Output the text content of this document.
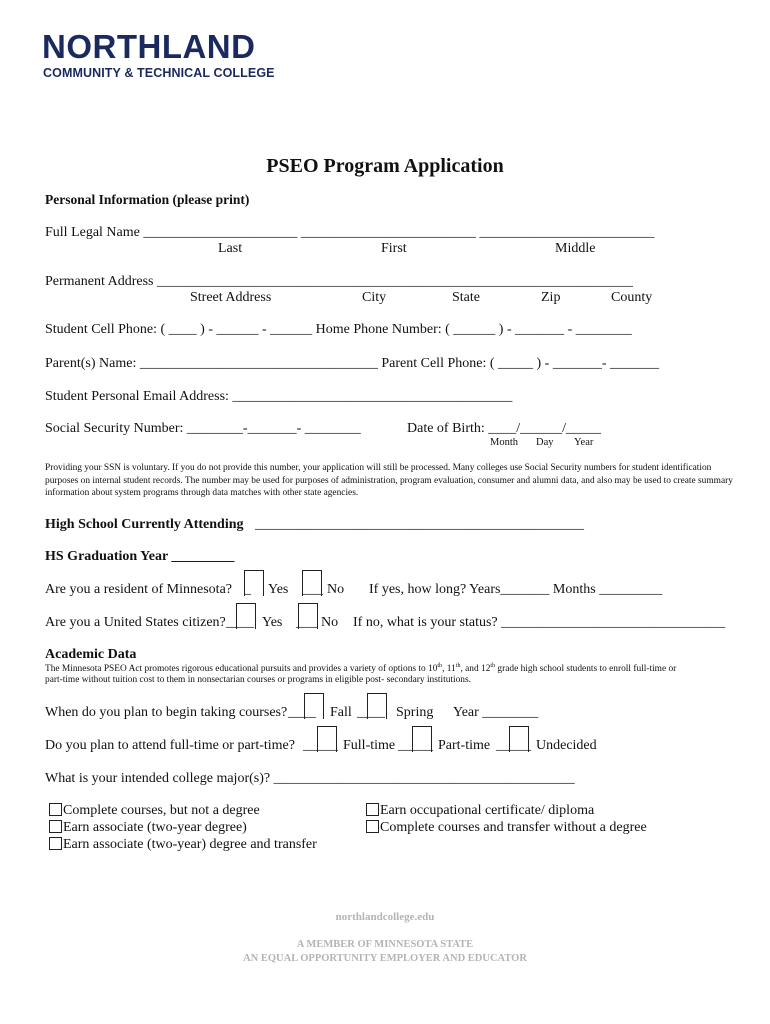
NORTHLAND
COMMUNITY & TECHNICAL COLLEGE
PSEO Program Application
Personal Information (please print)
Full Legal Name ______________________ _________________________ _________________________
Last	First	Middle
Permanent Address ____________________________________________________________________
Street Address	City	State	Zip	County
Student Cell Phone: ( ____ ) - ______ - ______ Home Phone Number: ( ______ ) - _______ - ________
Parent(s) Name: __________________________________ Parent Cell Phone: ( _____ ) - _______- _______
Student Personal Email Address: ________________________________________
Social Security Number: ________-_______- ________	Date of Birth: ____/______/_____
Month Day Year
Providing your SSN is voluntary. If you do not provide this number, your application will still be processed. Many colleges use Social Security numbers for student identification purposes on internal student records. The number may be used for purposes of administration, program evaluation, consumer and alumni data, and also may be used to create summary information about system programs through data matches with other state agencies.
High School Currently Attending _______________________________________________
HS Graduation Year _________
Are you a resident of Minnesota? _ Yes ___ No If yes, how long? Years_______ Months _________
Are you a United States citizen? ____ Yes ___ No If no, what is your status? ________________________________
Academic Data
The Minnesota PSEO Act promotes rigorous educational pursuits and provides a variety of options to 10th, 11th, and 12th grade high school students to enroll full-time or
part-time without tuition cost to them in nonsectarian courses or programs in eligible post- secondary institutions.
When do you plan to begin taking courses? ____ Fall ____ Spring Year ________
Do you plan to attend full-time or part-time? _____ Full-time _____ Part-time _____ Undecided
What is your intended college major(s)? ___________________________________________
Complete courses, but not a degree
Earn associate (two-year degree)
Earn associate (two-year) degree and transfer
Earn occupational certificate/ diploma
Complete courses and transfer without a degree
northlandcollege.edu
A MEMBER OF MINNESOTA STATE
AN EQUAL OPPORTUNITY EMPLOYER AND EDUCATOR
